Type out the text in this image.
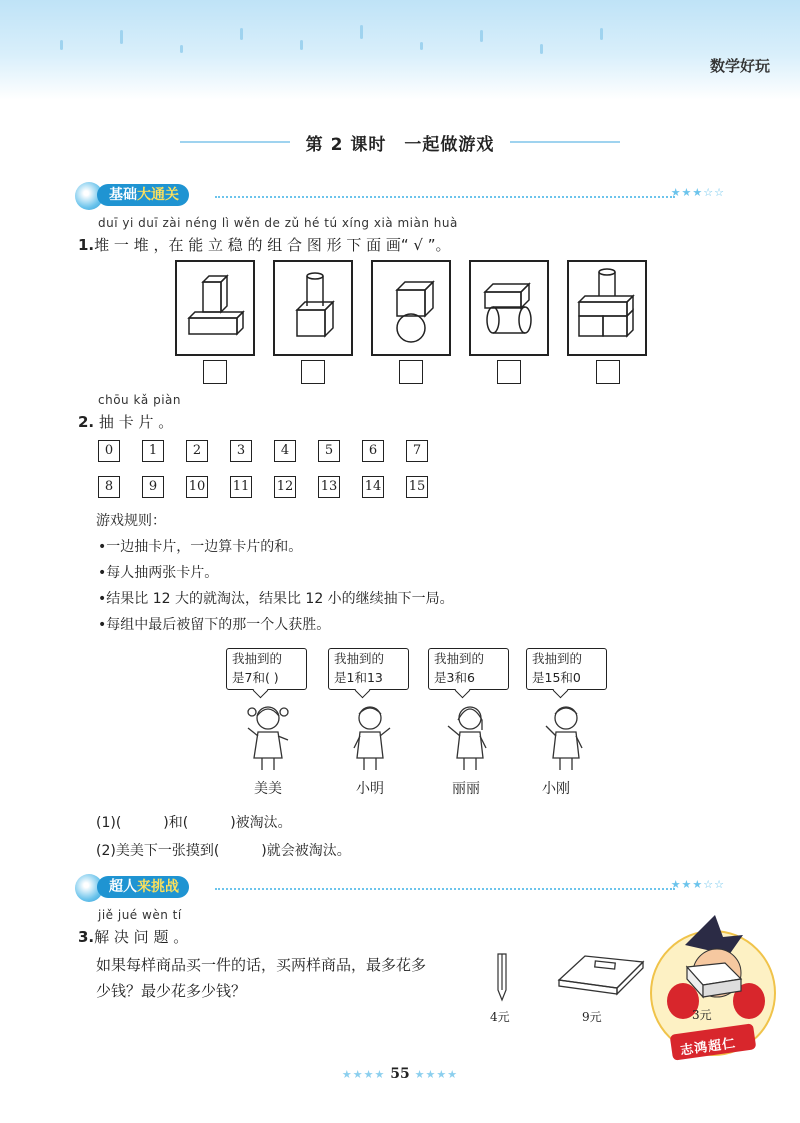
数学好玩
第 2 课时　一起做游戏
基础大通关	★★★☆☆
duī yi duī zài néng lì wěn de zǔ hé tú xíng xià miàn huà
1.堆 一 堆 ，在 能 立 稳 的 组 合 图 形 下 面 画“ √ ”。
chōu kǎ piàn
2. 抽 卡 片 。
0	1	2	3	4	5	6	7
8	9	10 11 12 13 14 15
游戏规则：
•一边抽卡片，一边算卡片的和。
•每人抽两张卡片。
•结果比 12 大的就淘汰，结果比 12 小的继续抽下一局。
•每组中最后被留下的那一个人获胜。
我抽到的
是7和( )
我抽到的
是1和13
我抽到的
是3和6
我抽到的
是15和0
美美	小明	丽丽	小刚
(1)(　　　)和(　　　)被淘汰。
(2)美美下一张摸到(　　　)就会被淘汰。
超人来挑战	★★★☆☆
jiě jué wèn tí
3.解 决 问 题 。
如果每样商品买一件的话，买两样商品，最多花多
少钱？最少花多少钱？
4元	9元	3元
志鸿超仁
★★★★ 55 ★★★★
